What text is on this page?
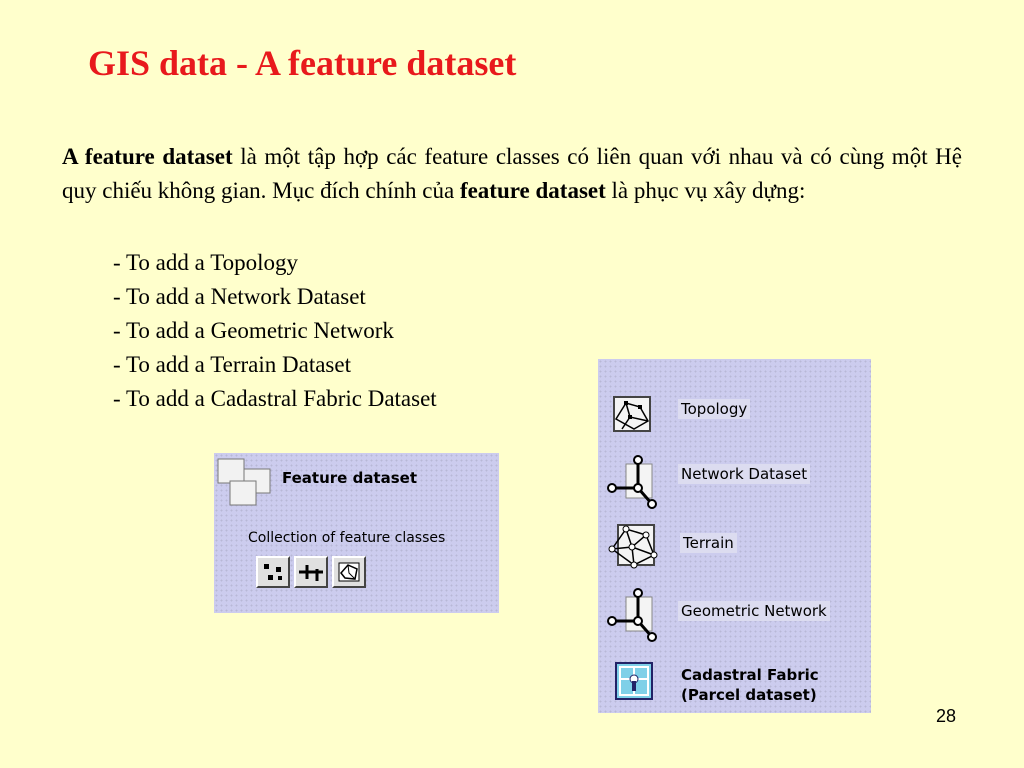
GIS data - A feature dataset

A feature dataset là một tập hợp các feature classes có liên quan với nhau và có cùng một Hệ quy chiếu không gian. Mục đích chính của feature dataset là phục vụ xây dựng:

- To add a Topology
- To add a Network Dataset
- To add a Geometric Network
- To add a Terrain Dataset
- To add a Cadastral Fabric Dataset
Feature dataset
Collection of feature classes
Topology
Network Dataset
Terrain
Geometric Network
Cadastral Fabric
(Parcel dataset)
28
